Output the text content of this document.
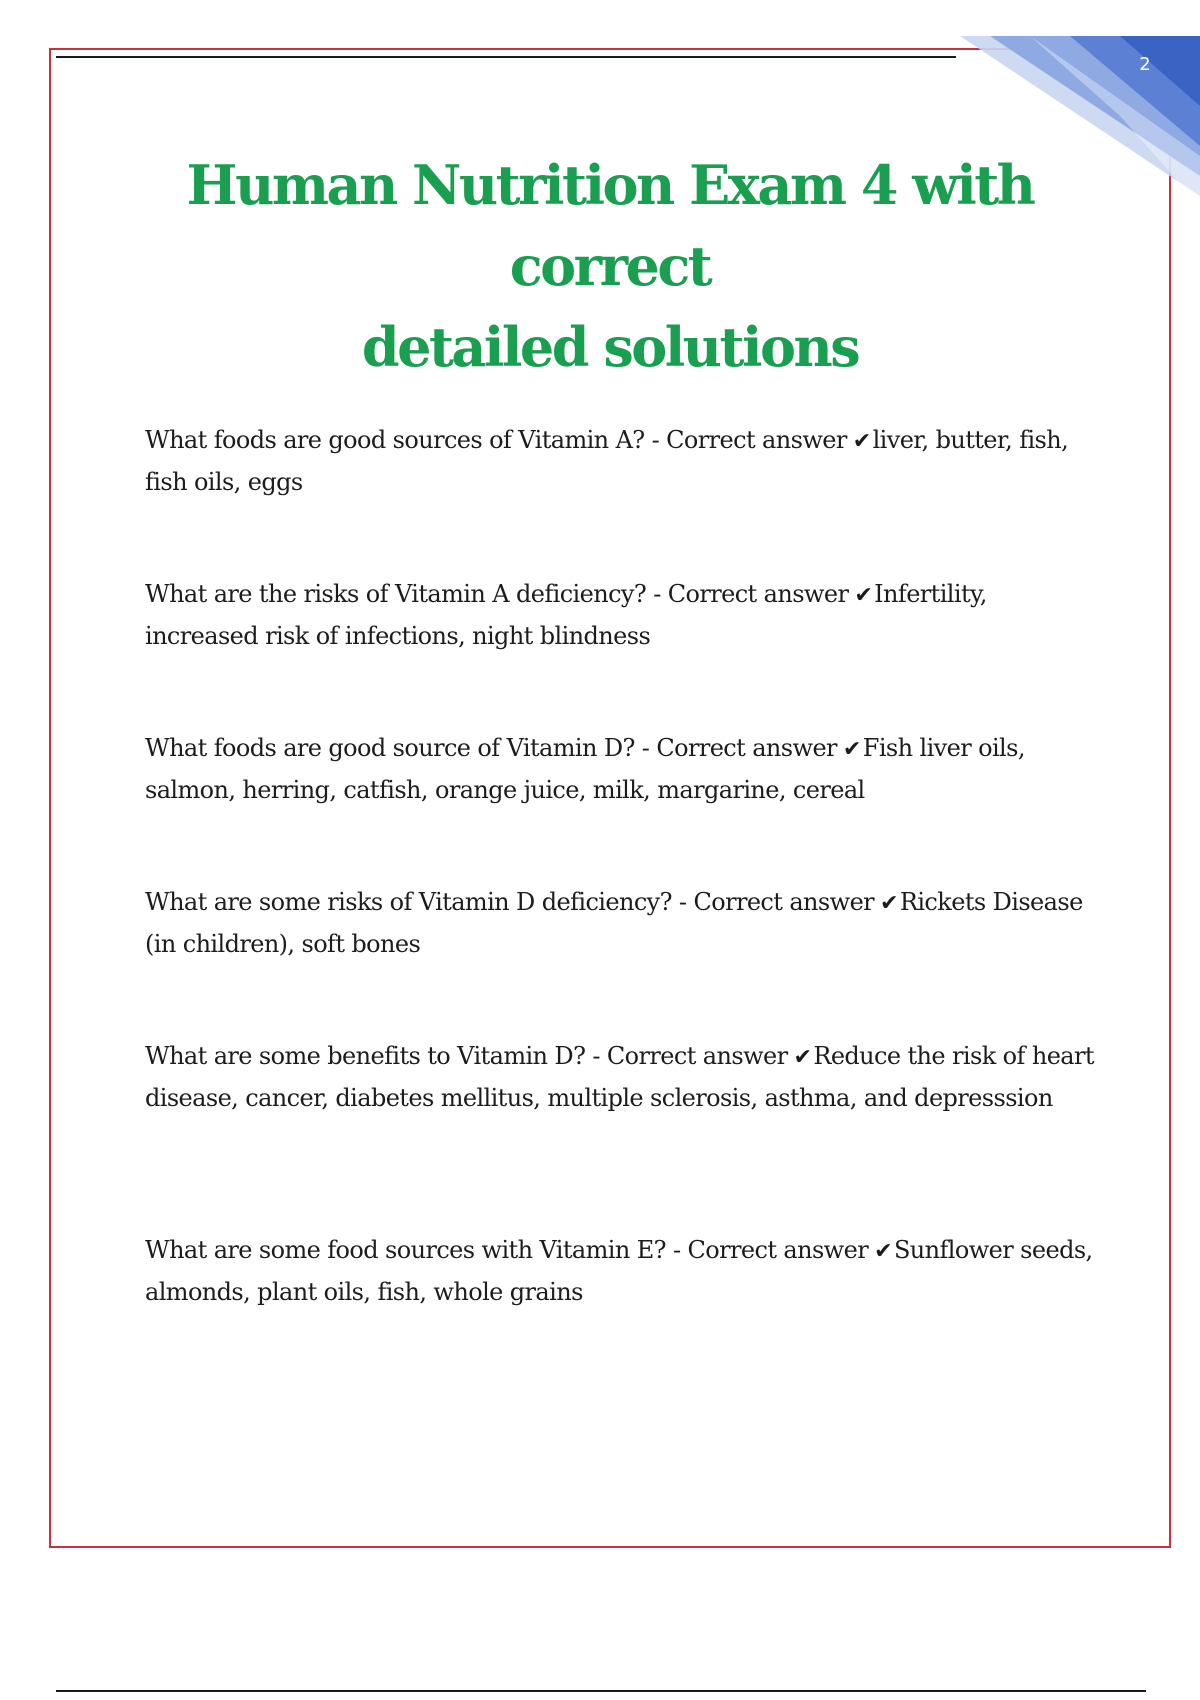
2
Human Nutrition Exam 4 with correct
detailed solutions

What foods are good sources of Vitamin A? - Correct answer ✔liver, butter, fish, fish oils, eggs

What are the risks of Vitamin A deficiency? - Correct answer ✔Infertility, increased risk of infections, night blindness

What foods are good source of Vitamin D? - Correct answer ✔Fish liver oils, salmon, herring, catfish, orange juice, milk, margarine, cereal

What are some risks of Vitamin D deficiency? - Correct answer ✔Rickets Disease (in children), soft bones

What are some benefits to Vitamin D? - Correct answer ✔Reduce the risk of heart disease, cancer, diabetes mellitus, multiple sclerosis, asthma, and depresssion

What are some food sources with Vitamin E? - Correct answer ✔Sunflower seeds, almonds, plant oils, fish, whole grains
